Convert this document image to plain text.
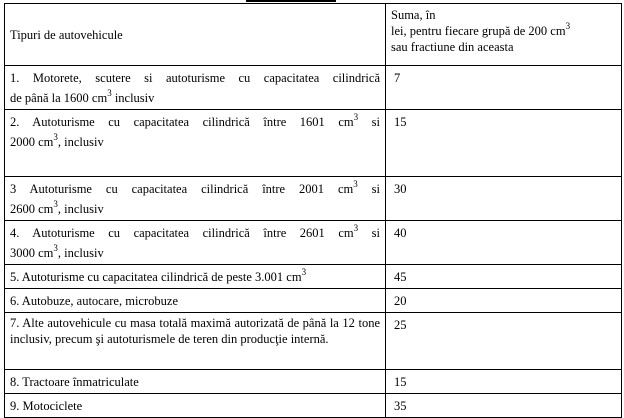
Tipuri de autovehicule	Suma, în
lei, pentru fiecare grupă de 200 $cm^3$
sau fractiune din aceasta

1. Motorete, scutere si autoturisme cu capacitatea cilindrică
de până la 1600 $cm^3$ inclusiv	7

2. Autoturisme cu capacitatea cilindrică între 1601 $cm^3$ si
2000 $cm^3$, inclusiv	15

3 Autoturisme cu capacitatea cilindrică între 2001 $cm^3$ si
2600 $cm^3$, inclusiv	30

4. Autoturisme cu capacitatea cilindrică între 2601 $cm^3$ si
3000 $cm^3$, inclusiv	40
5. Autoturisme cu capacitatea cilindrică de peste 3.001 $cm^3$	45
6. Autobuze, autocare, microbuze	20
7. Alte autovehicule cu masa totală maximă autorizată de până la 12 tone inclusiv, precum şi autoturismele de teren din producţie internă.	25
8. Tractoare înmatriculate	15
9. Motociclete	35
